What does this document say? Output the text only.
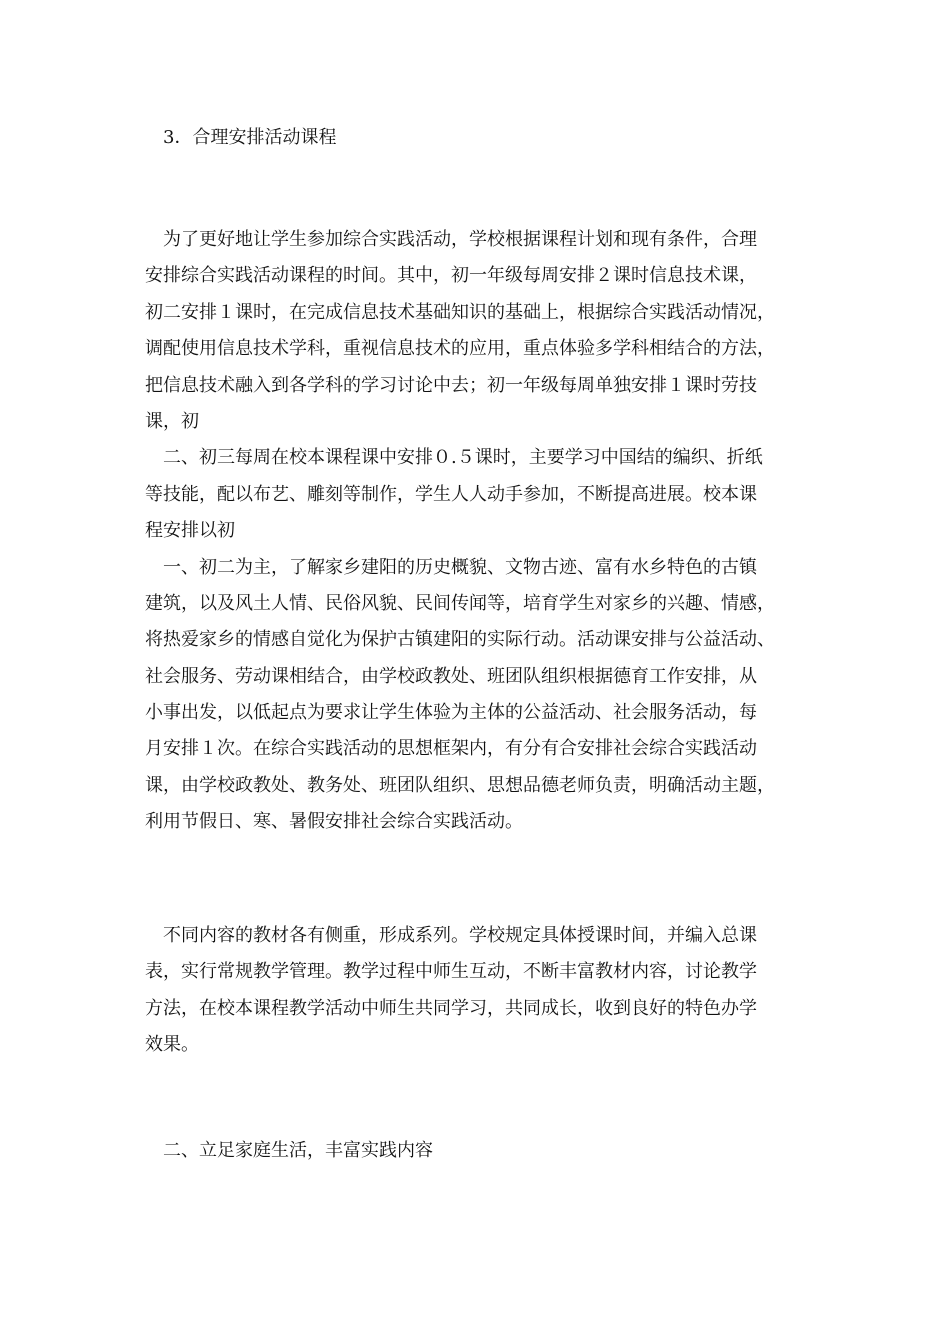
3．合理安排活动课程
为了更好地让学生参加综合实践活动，学校根据课程计划和现有条件，合理
安排综合实践活动课程的时间。其中，初一年级每周安排２课时信息技术课，
初二安排１课时，在完成信息技术基础知识的基础上，根据综合实践活动情况，
调配使用信息技术学科，重视信息技术的应用，重点体验多学科相结合的方法，
把信息技术融入到各学科的学习讨论中去；初一年级每周单独安排１课时劳技
课，初
二、初三每周在校本课程课中安排０.５课时，主要学习中国结的编织、折纸
等技能，配以布艺、雕刻等制作，学生人人动手参加，不断提高进展。校本课
程安排以初
一、初二为主，了解家乡建阳的历史概貌、文物古迹、富有水乡特色的古镇
建筑，以及风土人情、民俗风貌、民间传闻等，培育学生对家乡的兴趣、情感，
将热爱家乡的情感自觉化为保护古镇建阳的实际行动。活动课安排与公益活动、
社会服务、劳动课相结合，由学校政教处、班团队组织根据德育工作安排，从
小事出发，以低起点为要求让学生体验为主体的公益活动、社会服务活动，每
月安排１次。在综合实践活动的思想框架内，有分有合安排社会综合实践活动
课，由学校政教处、教务处、班团队组织、思想品德老师负责，明确活动主题，
利用节假日、寒、暑假安排社会综合实践活动。
不同内容的教材各有侧重，形成系列。学校规定具体授课时间，并编入总课
表，实行常规教学管理。教学过程中师生互动，不断丰富教材内容，讨论教学
方法，在校本课程教学活动中师生共同学习，共同成长，收到良好的特色办学
效果。
二、立足家庭生活，丰富实践内容
